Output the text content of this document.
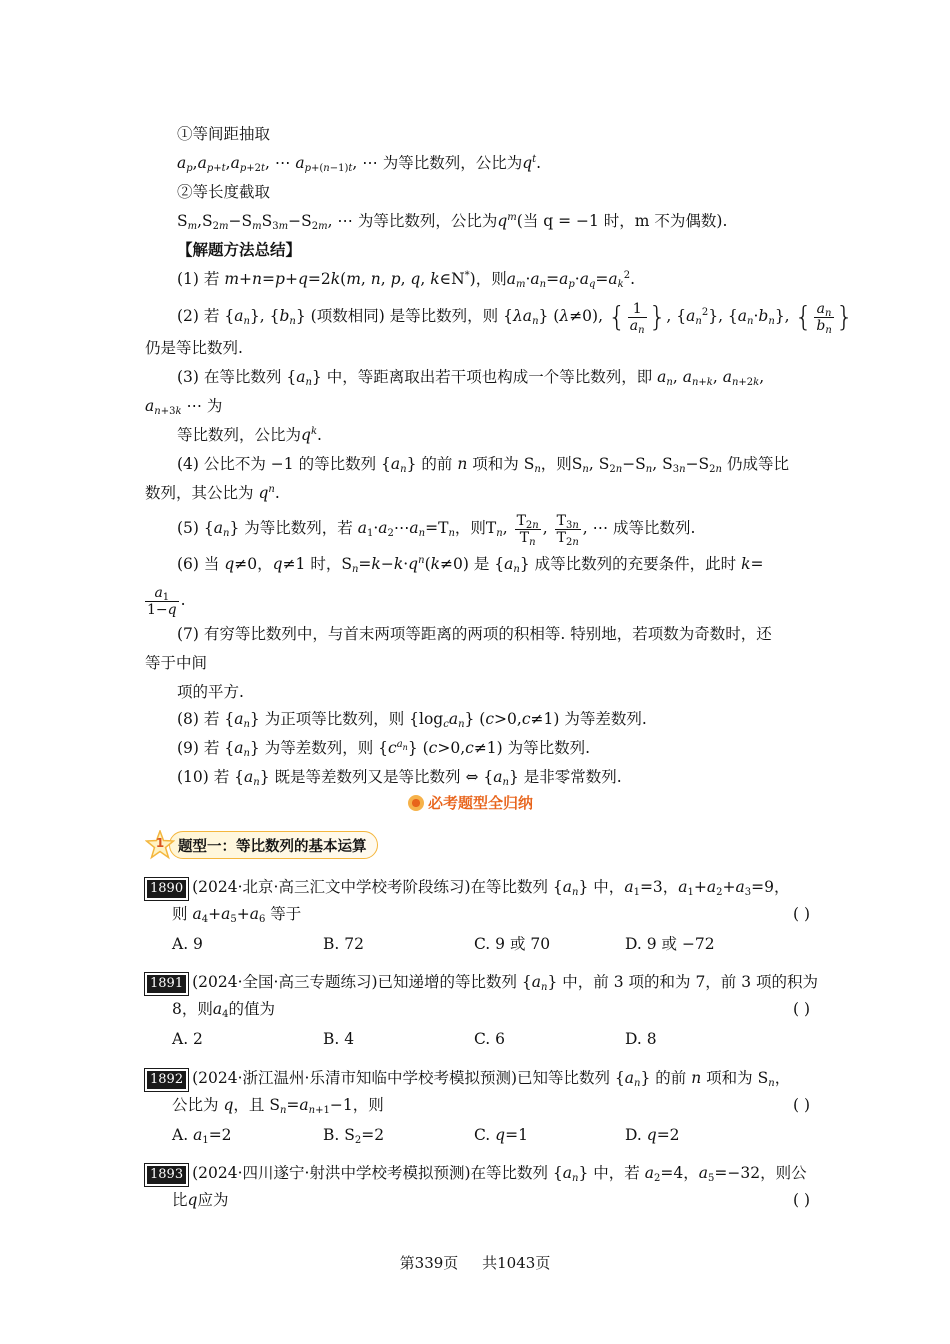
①等间距抽取
$a_p,a_{p+t},a_{p+2t}$, ⋯ $a_{p+(n-1)t}$, ⋯ 为等比数列，公比为$q^t$.
②等长度截取
$S_m,S_{2m}-S_mS_{3m}-S_{2m}$, ⋯ 为等比数列，公比为$q^m$(当 q = −1 时，m 不为偶数).
【解题方法总结】
(1) 若 m+n=p+q=2k(m, n, p, q, k∈N*)，则$a_m\cdot a_n=a_p\cdot a_q=a_k^2$.
(2) 若 $\{a_n\}$, $\{b_n\}$ (项数相同) 是等比数列，则 $\{\lambda a_n\}$ (λ≠0), { $\frac{1}{a_n}$ }, $\{a_n^2\}$, $\{a_n\cdot b_n\}$, { $\frac{a_n}{b_n}$ }
仍是等比数列.
(3) 在等比数列 $\{a_n\}$ 中，等距离取出若干项也构成一个等比数列，即 $a_n$, $a_{n+k}$, $a_{n+2k}$,
$a_{n+3k}$ ⋯ 为
等比数列，公比为$q^k$.
(4) 公比不为 −1 的等比数列 $\{a_n\}$ 的前 n 项和为 $S_n$，则$S_n$, $S_{2n}-S_n$, $S_{3n}-S_{2n}$ 仍成等比
数列，其公比为 $q^n$.
(5) $\{a_n\}$ 为等比数列，若 $a_1\cdot a_2\cdots a_n=T_n$，则$T_n$, $\frac{T_{2n}}{T_n}$ , $\frac{T_{3n}}{T_{2n}}$ , ⋯ 成等比数列.
(6) 当 q≠0，q≠1 时，$S_n=k-k\cdot q^n(k\ne 0)$ 是 $\{a_n\}$ 成等比数列的充要条件，此时 k=
$\frac{a_1}{1-q}$ .
(7) 有穷等比数列中，与首末两项等距离的两项的积相等. 特别地，若项数为奇数时，还
等于中间
项的平方.
(8) 若 $\{a_n\}$ 为正项等比数列，则 $\{\log_ca_n\}$ (c>0,c≠1) 为等差数列.
(9) 若 $\{a_n\}$ 为等差数列，则 $\{c^{a_n}\}$ (c>0,c≠1) 为等比数列.
(10) 若 $\{a_n\}$ 既是等差数列又是等比数列 ⇔ $\{a_n\}$ 是非零常数列.
必考题型全归纳
1 题型一：等比数列的基本运算
1890 (2024·北京·高三汇文中学校考阶段练习)在等比数列 $\{a_n\}$ 中，$a_1=3$，$a_1+a_2+a_3=9$，
则 $a_4+a_5+a_6$ 等于	( )
A. 9	B. 72	C. 9 或 70	D. 9 或 −72
1891 (2024·全国·高三专题练习)已知递增的等比数列 $\{a_n\}$ 中，前 3 项的和为 7，前 3 项的积为
8，则$a_4$的值为	( )
A. 2	B. 4	C. 6	D. 8
1892 (2024·浙江温州·乐清市知临中学校考模拟预测)已知等比数列 $\{a_n\}$ 的前 n 项和为 $S_n$，
公比为 q，且 $S_n=a_{n+1}-1$，则	( )
A. $a_1=2$	B. $S_2=2$	C. q=1	D. q=2
1893 (2024·四川遂宁·射洪中学校考模拟预测)在等比数列 $\{a_n\}$ 中，若 $a_2=4$，$a_5=-32$，则公
比q应为	( )
第339页 共1043页
